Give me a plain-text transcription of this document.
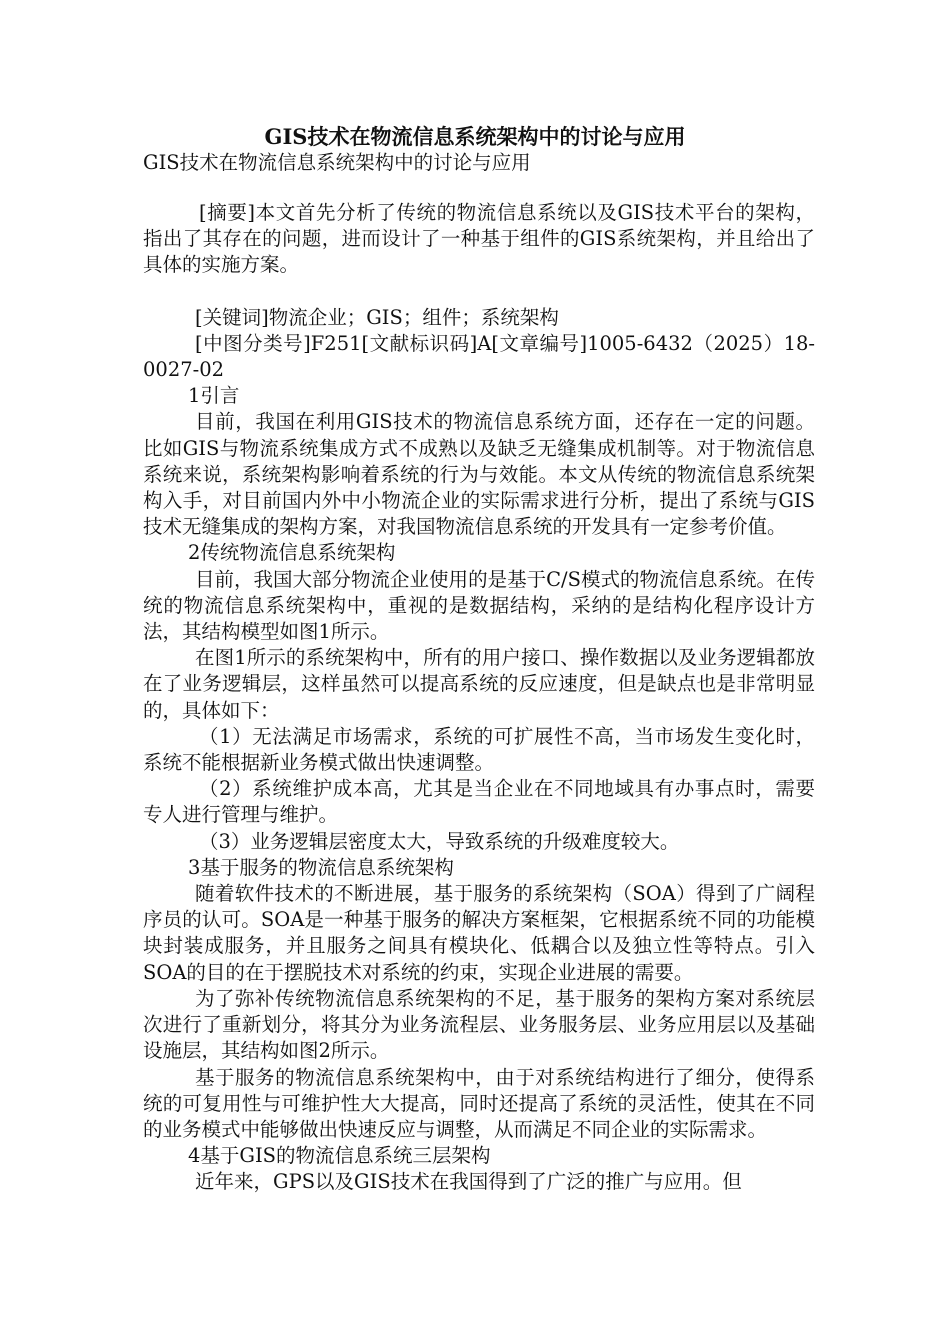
GIS技术在物流信息系统架构中的讨论与应用
GIS技术在物流信息系统架构中的讨论与应用

[摘要]本文首先分析了传统的物流信息系统以及GIS技术平台的架构，指出了其存在的问题，进而设计了一种基于组件的GIS系统架构，并且给出了具体的实施方案。

[关键词]物流企业；GIS；组件；系统架构

[中图分类号]F251[文献标识码]A[文章编号]1005-6432（2025）18-0027-02

1引言

目前，我国在利用GIS技术的物流信息系统方面，还存在一定的问题。比如GIS与物流系统集成方式不成熟以及缺乏无缝集成机制等。对于物流信息系统来说，系统架构影响着系统的行为与效能。本文从传统的物流信息系统架构入手，对目前国内外中小物流企业的实际需求进行分析，提出了系统与GIS技术无缝集成的架构方案，对我国物流信息系统的开发具有一定参考价值。

2传统物流信息系统架构

目前，我国大部分物流企业使用的是基于C/S模式的物流信息系统。在传统的物流信息系统架构中，重视的是数据结构，采纳的是结构化程序设计方法，其结构模型如图1所示。

在图1所示的系统架构中，所有的用户接口、操作数据以及业务逻辑都放在了业务逻辑层，这样虽然可以提高系统的反应速度，但是缺点也是非常明显的，具体如下：

（1）无法满足市场需求，系统的可扩展性不高，当市场发生变化时，系统不能根据新业务模式做出快速调整。

（2）系统维护成本高，尤其是当企业在不同地域具有办事点时，需要专人进行管理与维护。

（3）业务逻辑层密度太大，导致系统的升级难度较大。

3基于服务的物流信息系统架构

随着软件技术的不断进展，基于服务的系统架构（SOA）得到了广阔程序员的认可。SOA是一种基于服务的解决方案框架，它根据系统不同的功能模块封装成服务，并且服务之间具有模块化、低耦合以及独立性等特点。引入SOA的目的在于摆脱技术对系统的约束，实现企业进展的需要。

为了弥补传统物流信息系统架构的不足，基于服务的架构方案对系统层次进行了重新划分，将其分为业务流程层、业务服务层、业务应用层以及基础设施层，其结构如图2所示。

基于服务的物流信息系统架构中，由于对系统结构进行了细分，使得系统的可复用性与可维护性大大提高，同时还提高了系统的灵活性，使其在不同的业务模式中能够做出快速反应与调整，从而满足不同企业的实际需求。

4基于GIS的物流信息系统三层架构

近年来，GPS以及GIS技术在我国得到了广泛的推广与应用。但
